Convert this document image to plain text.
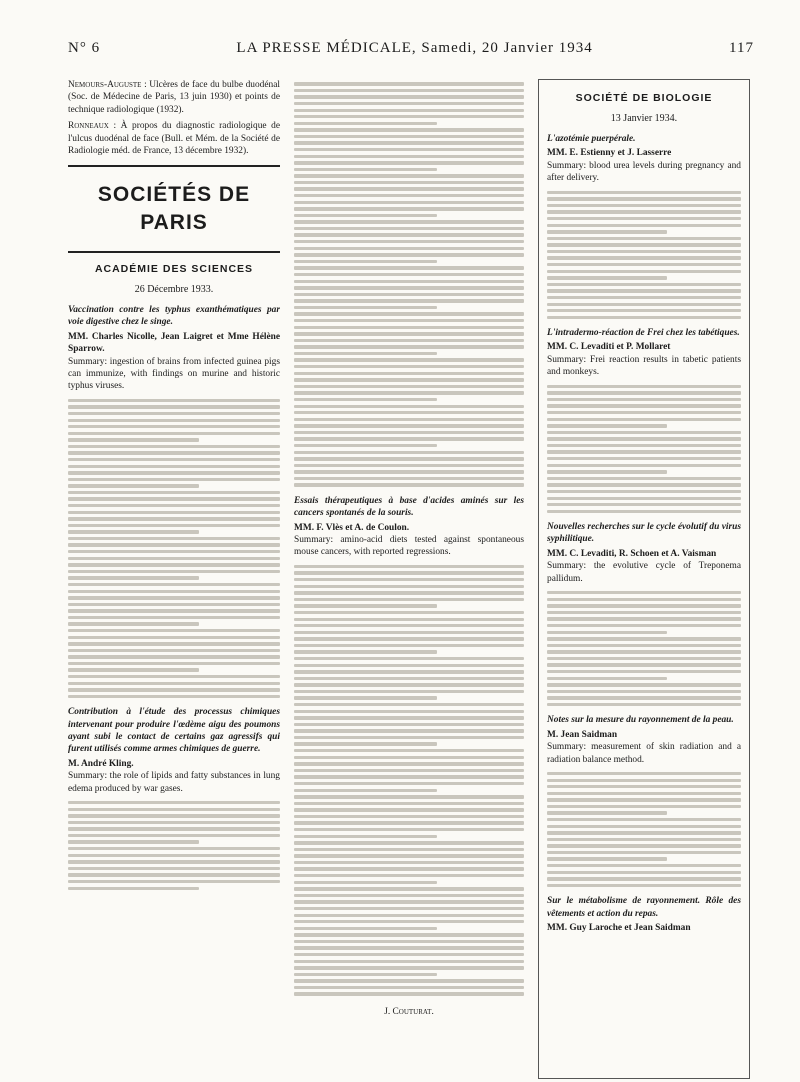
N° 6	LA PRESSE MÉDICALE, Samedi, 20 Janvier 1934	117

Nemours-Auguste : Ulcères de face du bulbe duodénal (Soc. de Médecine de Paris, 13 juin 1930) et points de technique radiologique (1932).

Ronneaux : À propos du diagnostic radiologique de l'ulcus duodénal de face (Bull. et Mém. de la Société de Radiologie méd. de France, 13 décembre 1932).

SOCIÉTÉS DE PARIS
ACADÉMIE DES SCIENCES
26 Décembre 1933.
Vaccination contre les typhus exanthématiques par voie digestive chez le singe.
MM. Charles Nicolle, Jean Laigret et Mme Hélène Sparrow.

Summary: ingestion of brains from infected guinea pigs can immunize, with findings on murine and historic typhus viruses.

Contribution à l'étude des processus chimiques intervenant pour produire l'œdème aigu des poumons ayant subi le contact de certains gaz agressifs qui furent utilisés comme armes chimiques de guerre.
M. André Kling.

Summary: the role of lipids and fatty substances in lung edema produced by war gases.

Essais thérapeutiques à base d'acides aminés sur les cancers spontanés de la souris.
MM. F. Vlès et A. de Coulon.

Summary: amino-acid diets tested against spontaneous mouse cancers, with reported regressions.

J. Couturat.
SOCIÉTÉ DE BIOLOGIE
13 Janvier 1934.
L'azotémie puerpérale.
MM. E. Estienny et J. Lasserre

Summary: blood urea levels during pregnancy and after delivery.

L'intradermo-réaction de Frei chez les tabétiques.
MM. C. Levaditi et P. Mollaret

Summary: Frei reaction results in tabetic patients and monkeys.

Nouvelles recherches sur le cycle évolutif du virus syphilitique.
MM. C. Levaditi, R. Schoen et A. Vaisman

Summary: the evolutive cycle of Treponema pallidum.

Notes sur la mesure du rayonnement de la peau.
M. Jean Saidman

Summary: measurement of skin radiation and a radiation balance method.

Sur le métabolisme de rayonnement. Rôle des vêtements et action du repas.
MM. Guy Laroche et Jean Saidman
